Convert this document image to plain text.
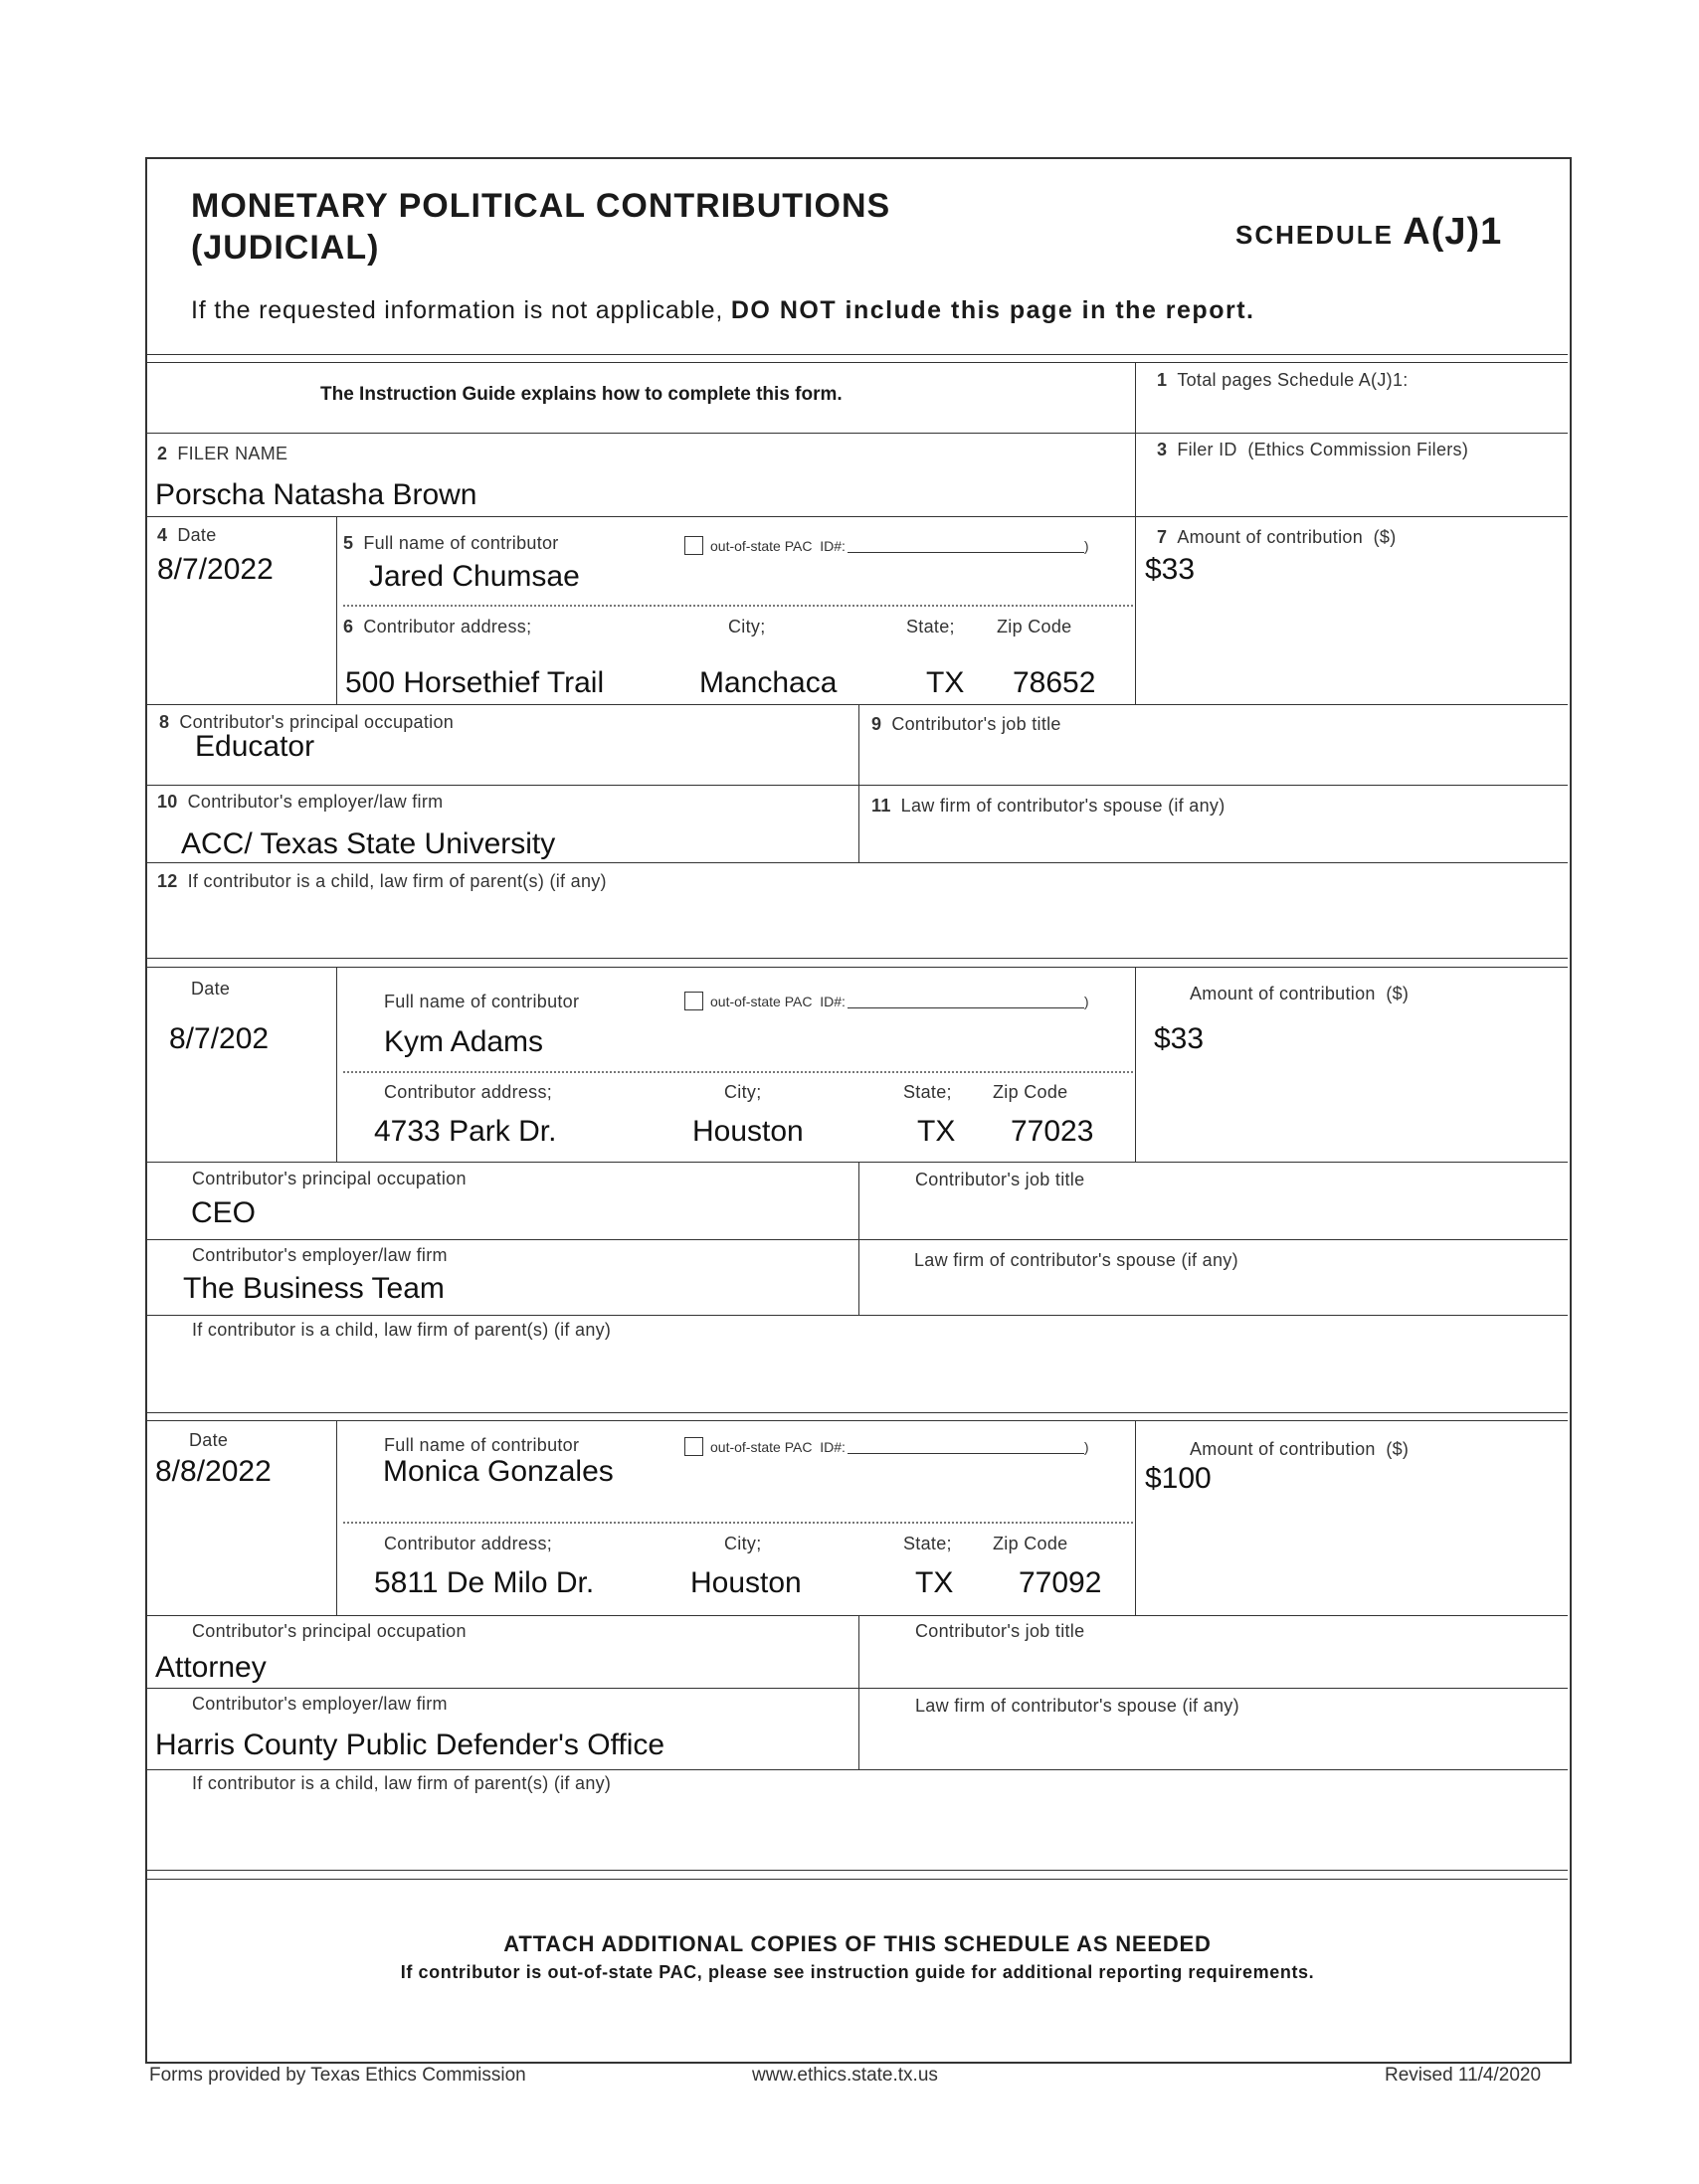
MONETARY POLITICAL CONTRIBUTIONS
(JUDICIAL)	SCHEDULE A(J)1
If the requested information is not applicable, DO NOT include this page in the report.
The Instruction Guide explains how to complete this form.
1 Total pages Schedule A(J)1:
2 FILER NAME
Porscha Natasha Brown
3 Filer ID (Ethics Commission Filers)
4 Date
8/7/2022
5 Full name of contributor	out-of-state PAC
ID#:	)
Jared Chumsae
6 Contributor address;	City;	State; Zip Code
500 Horsethief Trail	Manchaca	TX 78652
7 Amount of contribution ($)
$33
8 Contributor's principal occupation
Educator
9 Contributor's job title
10 Contributor's employer/law firm
ACC/ Texas State University
11 Law firm of contributor's spouse (if any)
12 If contributor is a child, law firm of parent(s) (if any)
Date
8/7/202
Full name of contributor	out-of-state PAC
ID#:	)
Kym Adams
Contributor address;	City;	State; Zip Code
4733 Park Dr.	Houston	TX 77023
Amount of contribution ($)
$33
Contributor's principal occupation
CEO
Contributor's job title
Contributor's employer/law firm
The Business Team
Law firm of contributor's spouse (if any)
If contributor is a child, law firm of parent(s) (if any)
Date
8/8/2022
Full name of contributor	out-of-state PAC
ID#:	)
Monica Gonzales
Contributor address;	City;	State; Zip Code
5811 De Milo Dr.	Houston	TX 77092
Amount of contribution ($)
$100
Contributor's principal occupation
Attorney
Contributor's job title
Contributor's employer/law firm
Harris County Public Defender's Office
Law firm of contributor's spouse (if any)
If contributor is a child, law firm of parent(s) (if any)
ATTACH ADDITIONAL COPIES OF THIS SCHEDULE AS NEEDED
If contributor is out-of-state PAC, please see instruction guide for additional reporting requirements.
Forms provided by Texas Ethics Commission	www.ethics.state.tx.us	Revised 11/4/2020
